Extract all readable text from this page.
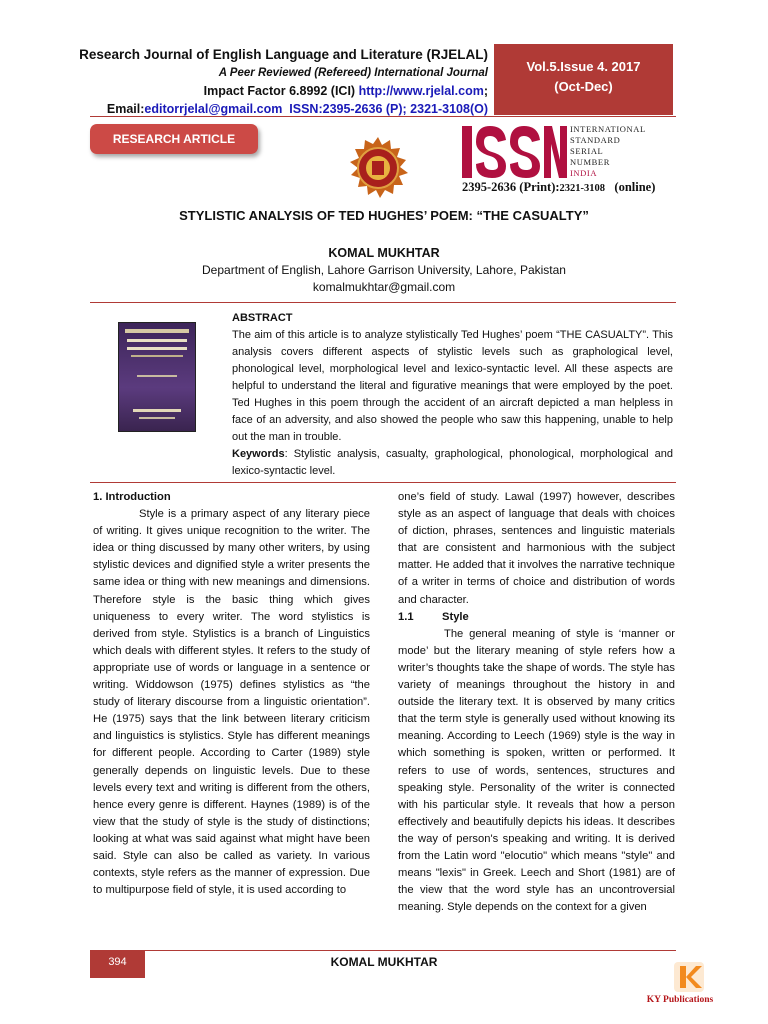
Research Journal of English Language and Literature (RJELAL)
A Peer Reviewed (Refereed) International Journal
Impact Factor 6.8992 (ICI) http://www.rjelal.com;
Email:editorrjelal@gmail.com ISSN:2395-2636 (P); 2321-3108(O)
Vol.5.Issue 4. 2017
(Oct-Dec)
RESEARCH ARTICLE
INTERNATIONAL
STANDARD
SERIAL
NUMBER
INDIA
2395-2636 (Print):2321-3108 (online)
STYLISTIC ANALYSIS OF TED HUGHES’ POEM: “THE CASUALTY”
KOMAL MUKHTAR
Department of English, Lahore Garrison University, Lahore, Pakistan
komalmukhtar@gmail.com
ABSTRACT
The aim of this article is to analyze stylistically Ted Hughes’ poem “THE CASUALTY”. This analysis covers different aspects of stylistic levels such as graphological level, phonological level, morphological level and lexico-syntactic level. All these aspects are helpful to understand the literal and figurative meanings that were employed by the poet. Ted Hughes in this poem through the accident of an aircraft depicted a man helpless in face of an adversity, and also showed the people who saw this happening, unable to help out the man in trouble.
Keywords: Stylistic analysis, casualty, graphological, phonological, morphological and lexico-syntactic level.

1. Introduction

Style is a primary aspect of any literary piece of writing. It gives unique recognition to the writer. The idea or thing discussed by many other writers, by using stylistic devices and dignified style a writer presents the same idea or thing with new meanings and dimensions. Therefore style is the basic thing which gives uniqueness to every writer. The word stylistics is derived from style. Stylistics is a branch of Linguistics which deals with different styles. It refers to the study of appropriate use of words or language in a sentence or writing. Widdowson (1975) defines stylistics as “the study of literary discourse from a linguistic orientation”. He (1975) says that the link between literary criticism and linguistics is stylistics. Style has different meanings for different people. According to Carter (1989) style generally depends on linguistic levels. Due to these levels every text and writing is different from the others, hence every genre is different. Haynes (1989) is of the view that the study of style is the study of distinctions; looking at what was said against what might have been said. Style can also be called as variety. In various contexts, style refers as the manner of expression. Due to multipurpose field of style, it is used according to

one’s field of study. Lawal (1997) however, describes style as an aspect of language that deals with choices of diction, phrases, sentences and linguistic materials that are consistent and harmonious with the subject matter. He added that it involves the narrative technique of a writer in terms of choice and distribution of words and character.

1.1	Style

The general meaning of style is ‘manner or mode’ but the literary meaning of style refers how a writer’s thoughts take the shape of words. The style has variety of meanings throughout the history in and outside the literary text. It is observed by many critics that the term style is generally used without knowing its meaning. According to Leech (1969) style is the way in which something is spoken, written or performed. It refers to use of words, sentences, structures and speaking style. Personality of the writer is connected with his particular style. It reveals that how a person effectively and beautifully depicts his ideas. It describes the way of person's speaking and writing. It is derived from the Latin word "elocutio" which means "style" and means "lexis" in Greek. Leech and Short (1981) are of the view that the word style has an uncontroversial meaning. Style depends on the context for a given

394	KOMAL MUKHTAR
KY Publications
